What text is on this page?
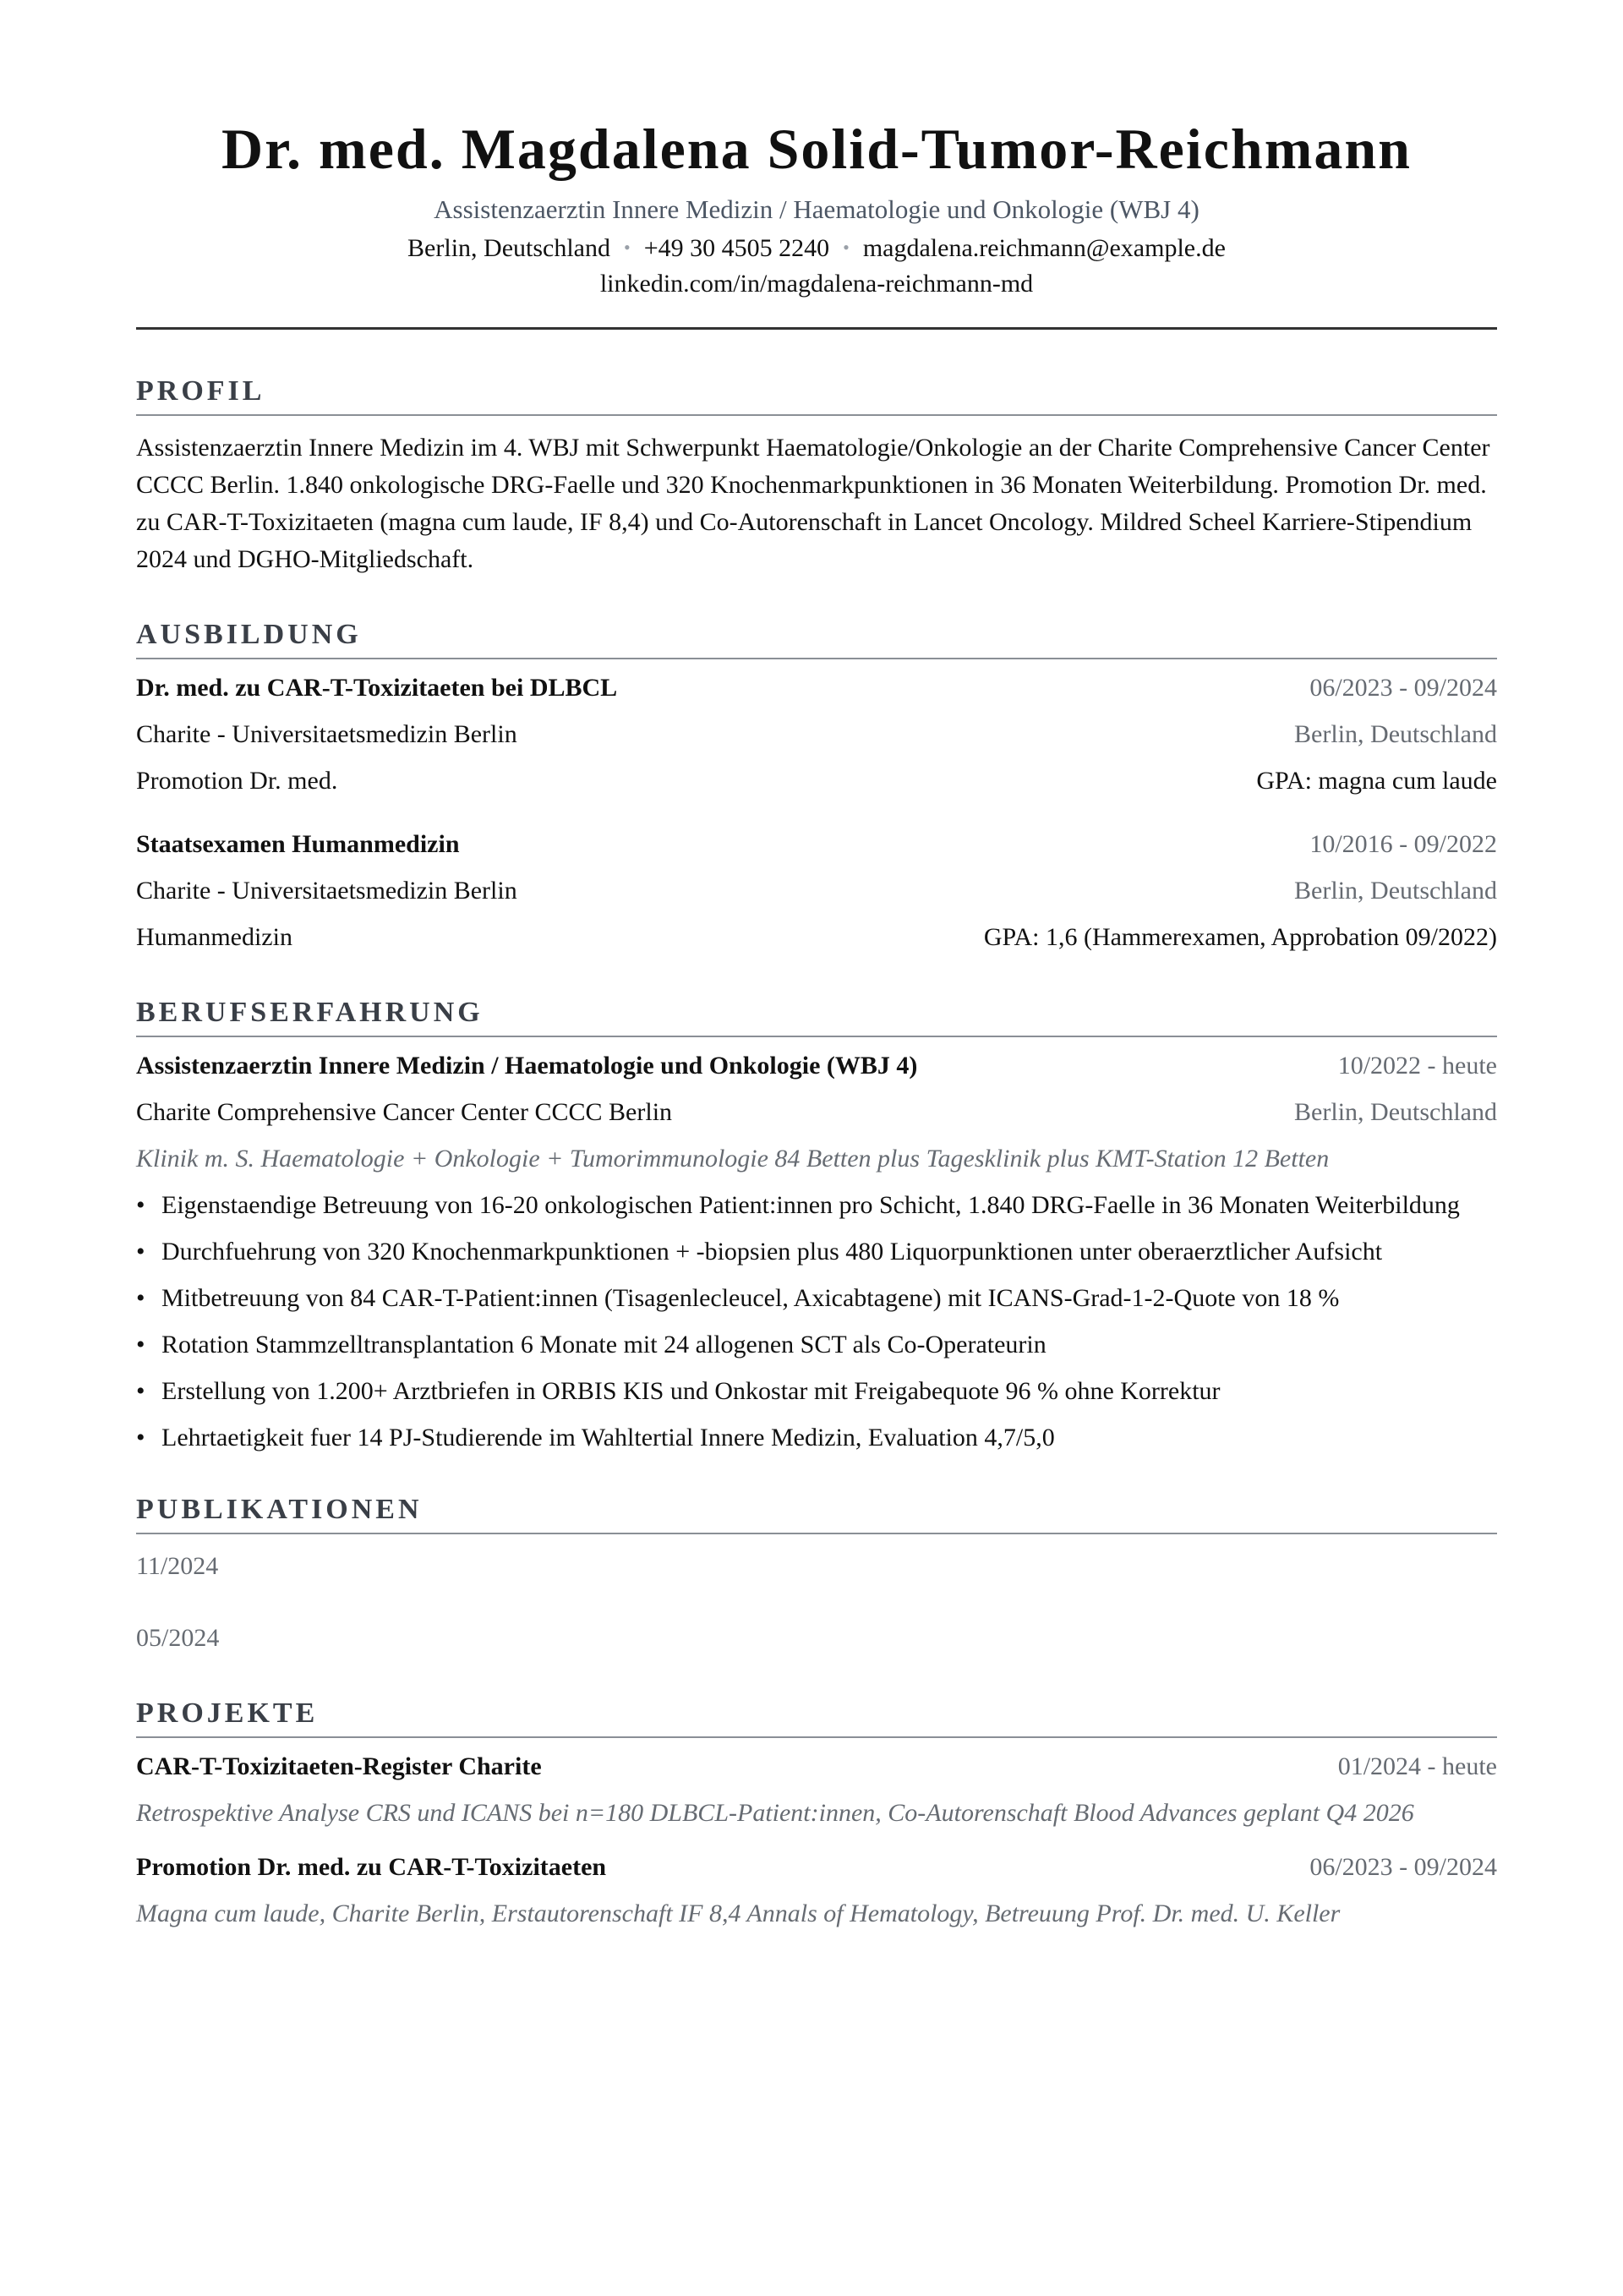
Dr. med. Magdalena Solid-Tumor-Reichmann
Assistenzaerztin Innere Medizin / Haematologie und Onkologie (WBJ 4)
Berlin, Deutschland • +49 30 4505 2240 • magdalena.reichmann@example.de
linkedin.com/in/magdalena-reichmann-md
PROFIL
Assistenzaerztin Innere Medizin im 4. WBJ mit Schwerpunkt Haematologie/Onkologie an der Charite Comprehensive Cancer Center CCCC Berlin. 1.840 onkologische DRG-Faelle und 320 Knochenmarkpunktionen in 36 Monaten Weiterbildung. Promotion Dr. med. zu CAR-T-Toxizitaeten (magna cum laude, IF 8,4) und Co-Autorenschaft in Lancet Oncology. Mildred Scheel Karriere-Stipendium 2024 und DGHO-Mitgliedschaft.
AUSBILDUNG
Dr. med. zu CAR-T-Toxizitaeten bei DLBCL	06/2023 - 09/2024
Charite - Universitaetsmedizin Berlin	Berlin, Deutschland
Promotion Dr. med.	GPA: magna cum laude
Staatsexamen Humanmedizin	10/2016 - 09/2022
Charite - Universitaetsmedizin Berlin	Berlin, Deutschland
Humanmedizin	GPA: 1,6 (Hammerexamen, Approbation 09/2022)
BERUFSERFAHRUNG
Assistenzaerztin Innere Medizin / Haematologie und Onkologie (WBJ 4)	10/2022 - heute
Charite Comprehensive Cancer Center CCCC Berlin	Berlin, Deutschland
Klinik m. S. Haematologie + Onkologie + Tumorimmunologie 84 Betten plus Tagesklinik plus KMT-Station 12 Betten
• Eigenstaendige Betreuung von 16-20 onkologischen Patient:innen pro Schicht, 1.840 DRG-Faelle in 36 Monaten Weiterbildung
• Durchfuehrung von 320 Knochenmarkpunktionen + -biopsien plus 480 Liquorpunktionen unter oberaerztlicher Aufsicht
• Mitbetreuung von 84 CAR-T-Patient:innen (Tisagenlecleucel, Axicabtagene) mit ICANS-Grad-1-2-Quote von 18 %
• Rotation Stammzelltransplantation 6 Monate mit 24 allogenen SCT als Co-Operateurin
• Erstellung von 1.200+ Arztbriefen in ORBIS KIS und Onkostar mit Freigabequote 96 % ohne Korrektur
• Lehrtaetigkeit fuer 14 PJ-Studierende im Wahltertial Innere Medizin, Evaluation 4,7/5,0
PUBLIKATIONEN
11/2024
05/2024
PROJEKTE
CAR-T-Toxizitaeten-Register Charite	01/2024 - heute
Retrospektive Analyse CRS und ICANS bei n=180 DLBCL-Patient:innen, Co-Autorenschaft Blood Advances geplant Q4 2026
Promotion Dr. med. zu CAR-T-Toxizitaeten	06/2023 - 09/2024
Magna cum laude, Charite Berlin, Erstautorenschaft IF 8,4 Annals of Hematology, Betreuung Prof. Dr. med. U. Keller
